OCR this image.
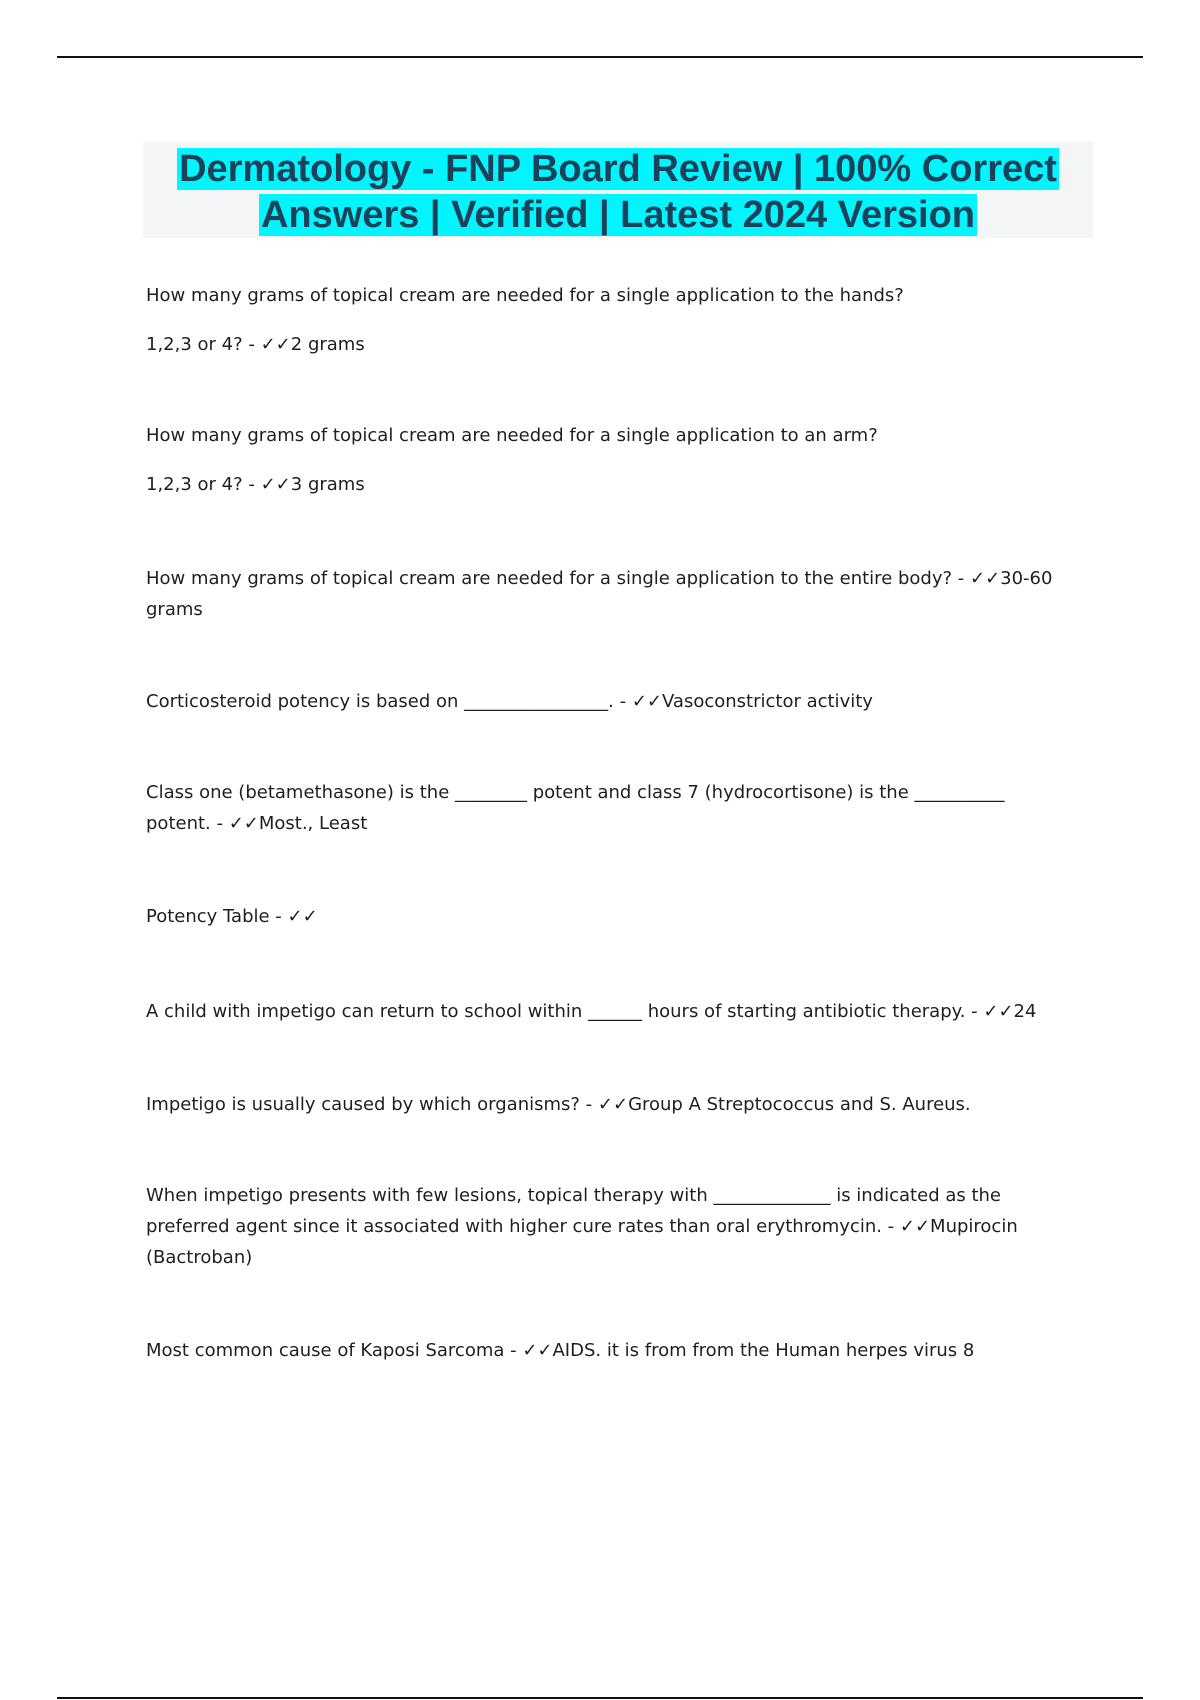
Dermatology - FNP Board Review | 100% Correct
Answers | Verified | Latest 2024 Version

How many grams of topical cream are needed for a single application to the hands?

1,2,3 or 4? - ✓✓2 grams

How many grams of topical cream are needed for a single application to an arm?

1,2,3 or 4? - ✓✓3 grams

How many grams of topical cream are needed for a single application to the entire body? - ✓✓30-60 grams

Corticosteroid potency is based on ________________. - ✓✓Vasoconstrictor activity

Class one (betamethasone) is the ________ potent and class 7 (hydrocortisone) is the __________ potent. - ✓✓Most., Least

Potency Table - ✓✓

A child with impetigo can return to school within ______ hours of starting antibiotic therapy. - ✓✓24

Impetigo is usually caused by which organisms? - ✓✓Group A Streptococcus and S. Aureus.

When impetigo presents with few lesions, topical therapy with _____________ is indicated as the preferred agent since it associated with higher cure rates than oral erythromycin. - ✓✓Mupirocin (Bactroban)

Most common cause of Kaposi Sarcoma - ✓✓AIDS. it is from from the Human herpes virus 8
